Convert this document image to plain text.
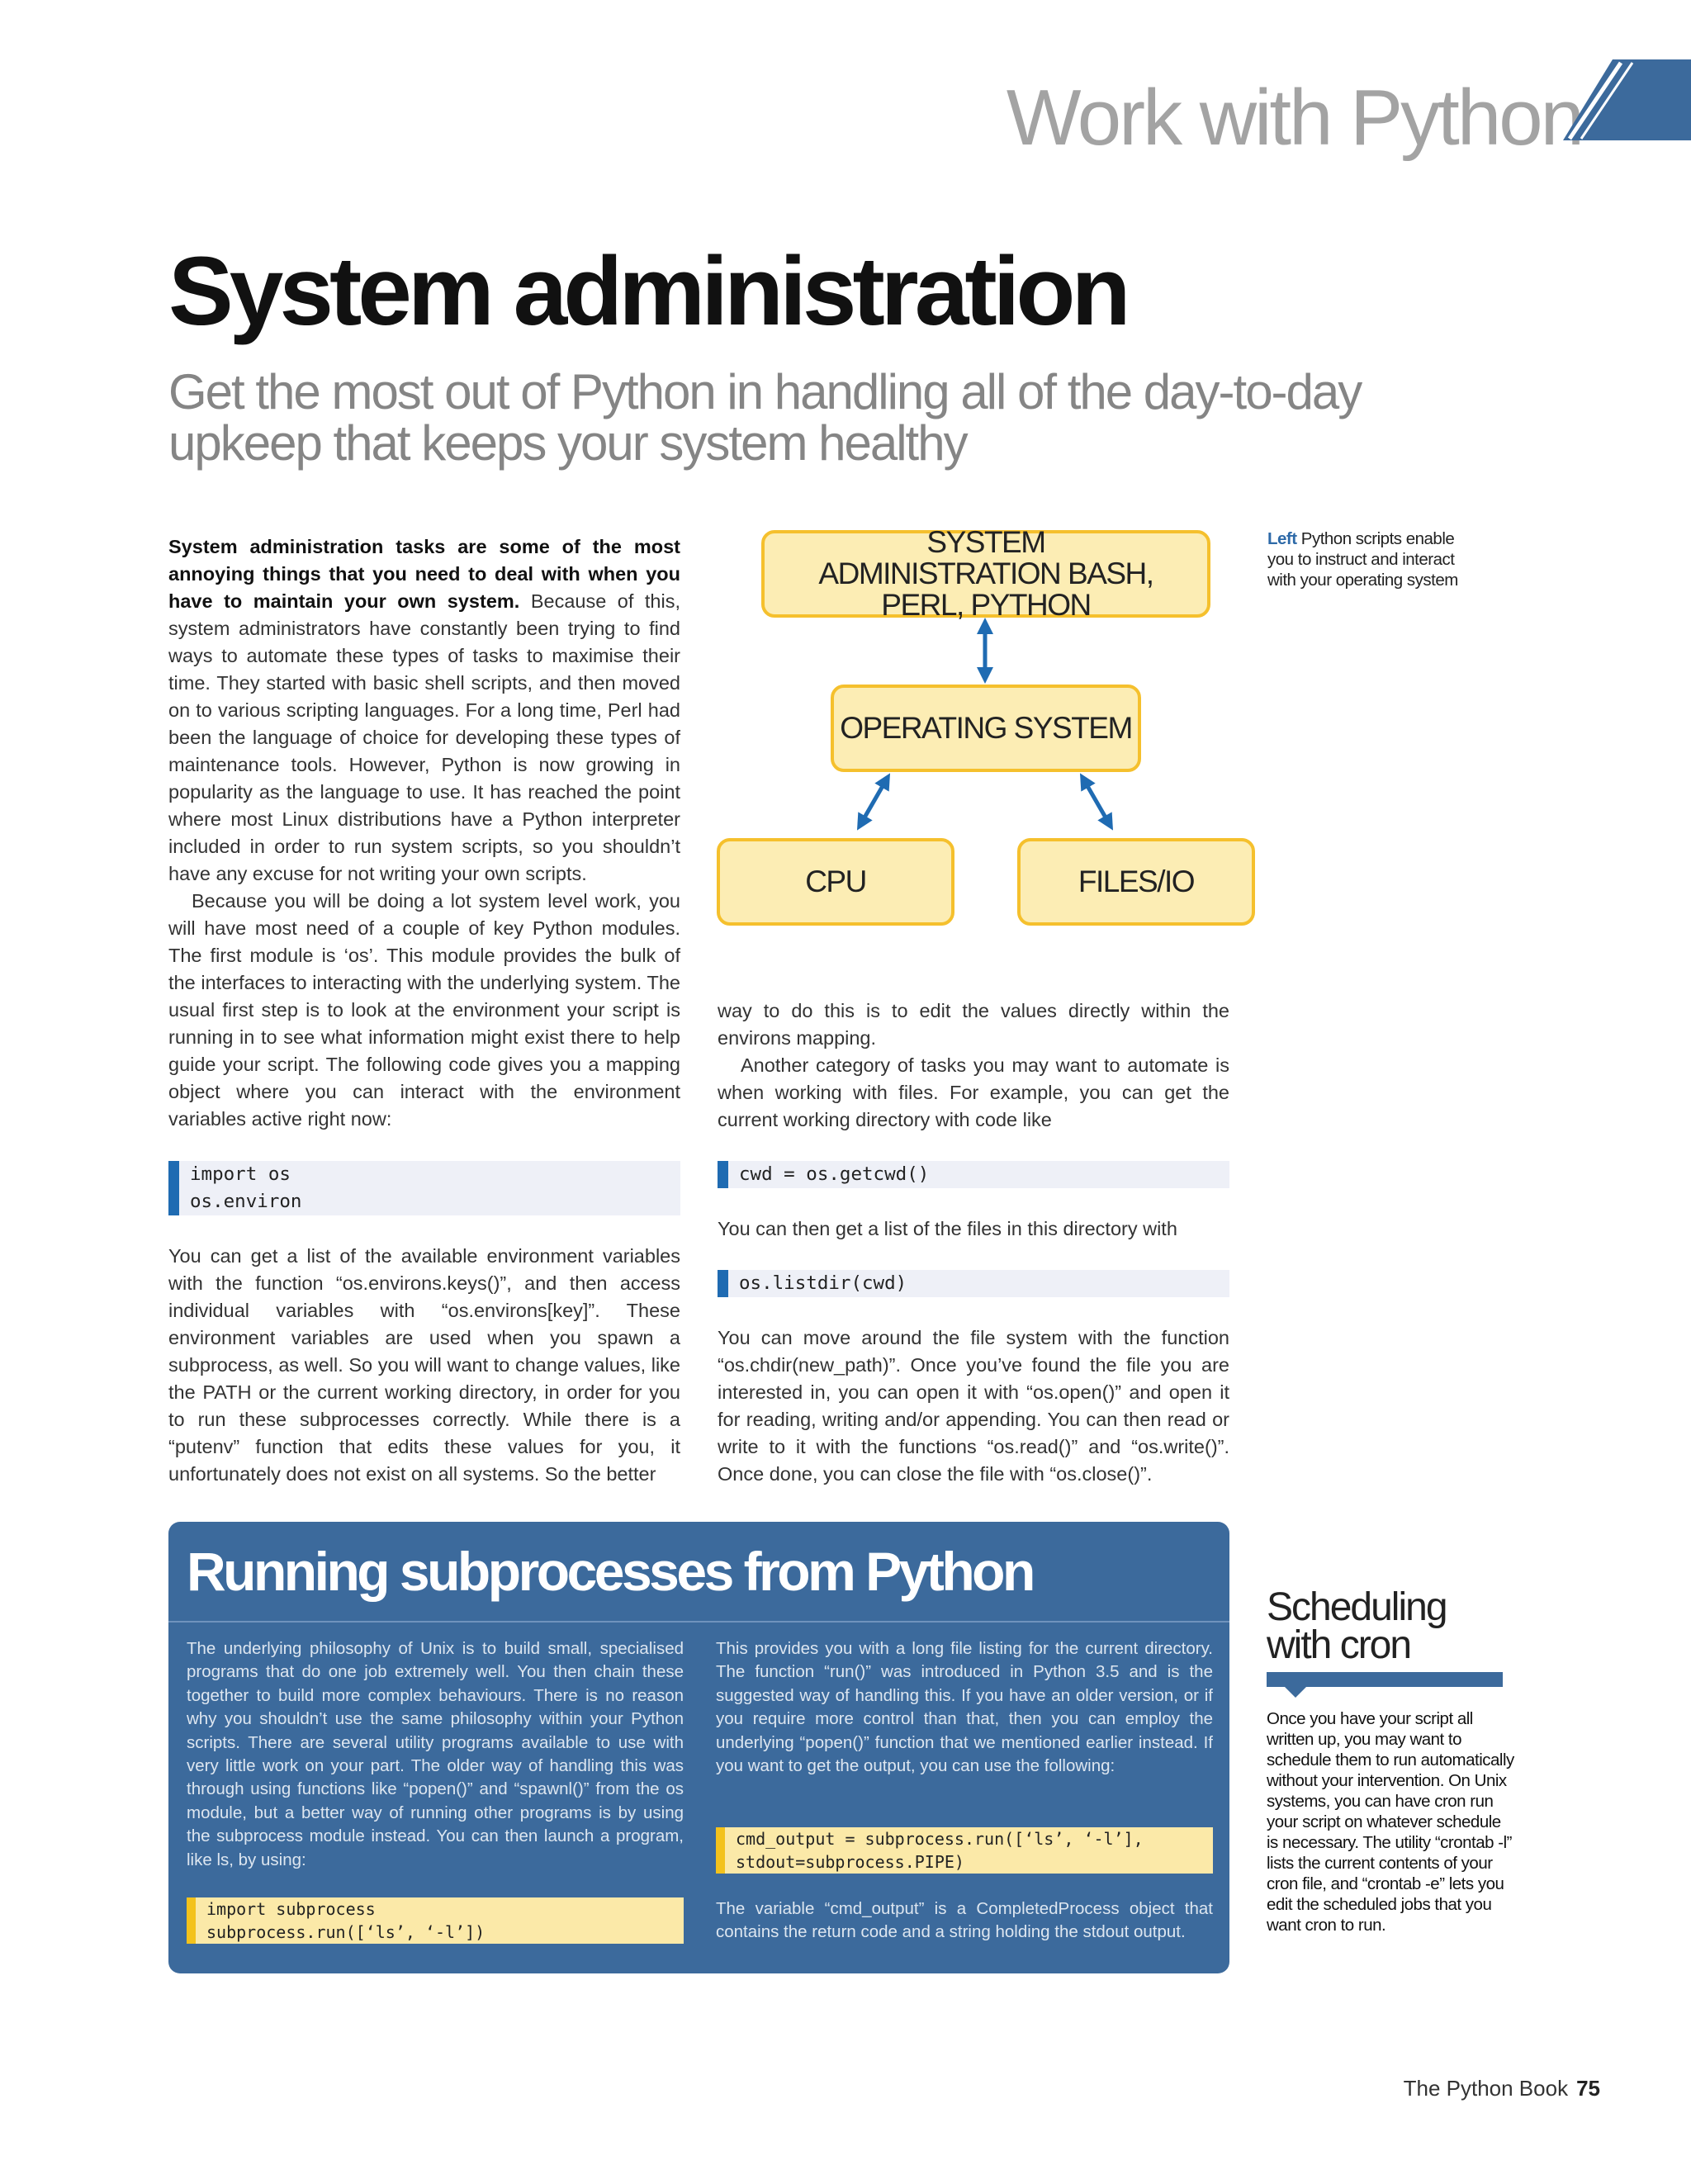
Work with Python
System administration
Get the most out of Python in handling all of the day-to-day upkeep that keeps your system healthy

System administration tasks are some of the most annoying things that you need to deal with when you have to maintain your own system. Because of this, system administrators have constantly been trying to find ways to automate these types of tasks to maximise their time. They started with basic shell scripts, and then moved on to various scripting languages. For a long time, Perl had been the language of choice for developing these types of maintenance tools. However, Python is now growing in popularity as the language to use. It has reached the point where most Linux distributions have a Python interpreter included in order to run system scripts, so you shouldn’t have any excuse for not writing your own scripts.

Because you will be doing a lot system level work, you will have most need of a couple of key Python modules. The first module is ‘os’. This module provides the bulk of the interfaces to interacting with the underlying system. The usual first step is to look at the environment your script is running in to see what information might exist there to help guide your script. The following code gives you a mapping object where you can interact with the environment variables active right now:

import os
os.environ

You can get a list of the available environment variables with the function “os.environs.keys()”, and then access individual variables with “os.environs[key]”. These environment variables are used when you spawn a subprocess, as well. So you will want to change values, like the PATH or the current working directory, in order for you to run these subprocesses correctly. While there is a “putenv” function that edits these values for you, it unfortunately does not exist on all systems. So the better

SYSTEM ADMINISTRATION BASH, PERL, PYTHON
OPERATING SYSTEM
CPU	FILES/IO
Left Python scripts enable you to instruct and interact with your operating system

way to do this is to edit the values directly within the environs mapping.

Another category of tasks you may want to automate is when working with files. For example, you can get the current working directory with code like

cwd = os.getcwd()

You can then get a list of the files in this directory with

os.listdir(cwd)

You can move around the file system with the function “os.chdir(new_path)”. Once you’ve found the file you are interested in, you can open it with “os.open()” and open it for reading, writing and/or appending. You can then read or write to it with the functions “os.read()” and “os.write()”. Once done, you can close the file with “os.close()”.

Running subprocesses from Python
The underlying philosophy of Unix is to build small, specialised programs that do one job extremely well. You then chain these together to build more complex behaviours. There is no reason why you shouldn’t use the same philosophy within your Python scripts. There are several utility programs available to use with very little work on your part. The older way of handling this was through using functions like “popen()” and “spawnl()” from the os module, but a better way of running other programs is by using the subprocess module instead. You can then launch a program, like ls, by using:
import subprocess
subprocess.run([‘ls’, ‘-l’])
This provides you with a long file listing for the current directory. The function “run()” was introduced in Python 3.5 and is the suggested way of handling this. If you have an older version, or if you require more control than that, then you can employ the underlying “popen()” function that we mentioned earlier instead. If you want to get the output, you can use the following:
cmd_output = subprocess.run([‘ls’, ‘-l’],
stdout=subprocess.PIPE)
The variable “cmd_output” is a CompletedProcess object that contains the return code and a string holding the stdout output.
Scheduling
with cron
Once you have your script all written up, you may want to schedule them to run automatically without your intervention. On Unix systems, you can have cron run your script on whatever schedule is necessary. The utility “crontab -l” lists the current contents of your cron file, and “crontab -e” lets you edit the scheduled jobs that you want cron to run.
The Python Book 75
